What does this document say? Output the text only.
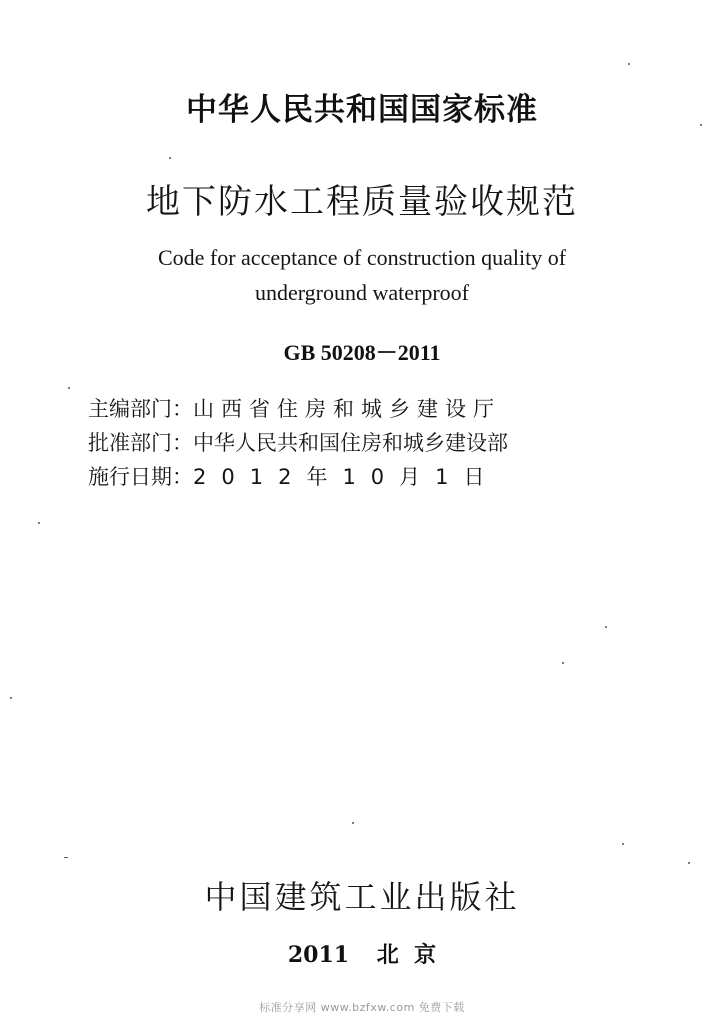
中华人民共和国国家标准
地下防水工程质量验收规范
Code for acceptance of construction quality of
underground waterproof
GB 50208－2011
主编部门： 山西省住房和城乡建设厅
批准部门： 中华人民共和国住房和城乡建设部
施行日期： 2012年10月1日
中国建筑工业出版社
2011 北  京
标准分享网 www.bzfxw.com 免费下载
